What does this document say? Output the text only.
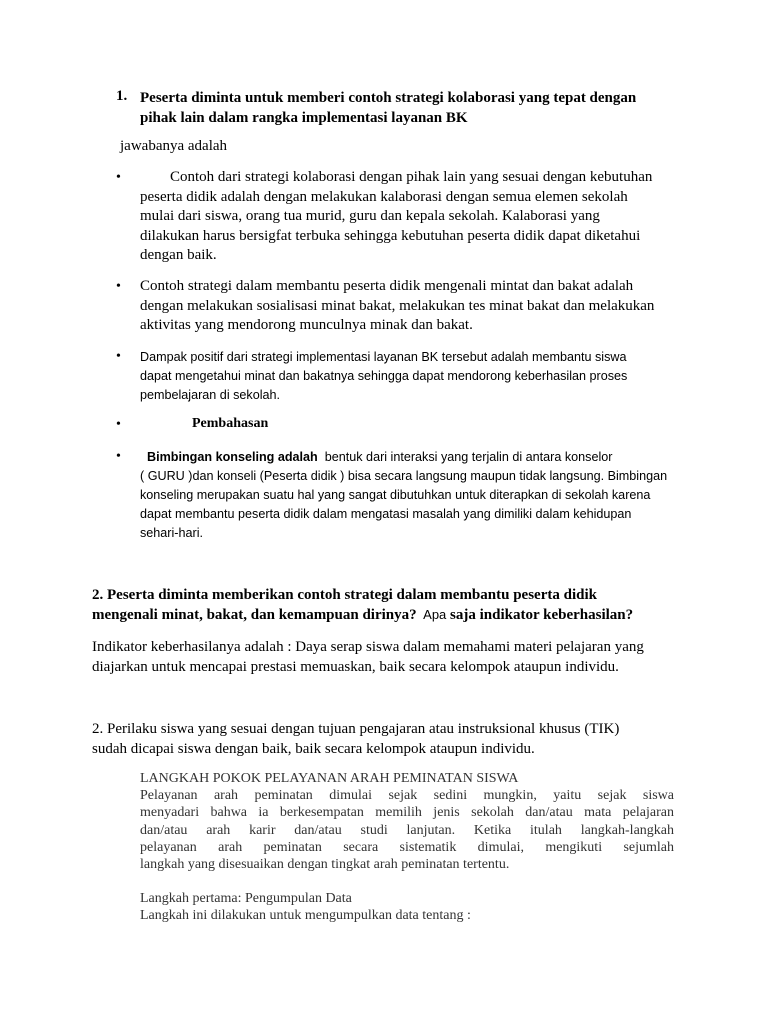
1. Peserta diminta untuk memberi contoh strategi kolaborasi yang tepat dengan
pihak lain dalam rangka implementasi layanan BK
jawabanya adalah
•	Contoh dari strategi kolaborasi dengan pihak lain yang sesuai dengan kebutuhan
peserta didik adalah dengan melakukan kalaborasi dengan semua elemen sekolah
mulai dari siswa, orang tua murid, guru dan kepala sekolah. Kalaborasi yang
dilakukan harus bersigfat terbuka sehingga kebutuhan peserta didik dapat diketahui
dengan baik.
• Contoh strategi dalam membantu peserta didik mengenali mintat dan bakat adalah
dengan melakukan sosialisasi minat bakat, melakukan tes minat bakat dan melakukan
aktivitas yang mendorong munculnya minak dan bakat.
• Dampak positif dari strategi implementasi layanan BK tersebut adalah membantu siswa
dapat mengetahui minat dan bakatnya sehingga dapat mendorong keberhasilan proses
pembelajaran di sekolah.
•	Pembahasan
•	Bimbingan konseling adalah  bentuk dari interaksi yang terjalin di antara konselor
( GURU )dan konseli (Peserta didik ) bisa secara langsung maupun tidak langsung. Bimbingan
konseling merupakan suatu hal yang sangat dibutuhkan untuk diterapkan di sekolah karena
dapat membantu peserta didik dalam mengatasi masalah yang dimiliki dalam kehidupan
sehari-hari.
2. Peserta diminta memberikan contoh strategi dalam membantu peserta didik
mengenali minat, bakat, dan kemampuan dirinya?  Apa saja indikator keberhasilan?
Indikator keberhasilanya adalah : Daya serap siswa dalam memahami materi pelajaran yang
diajarkan untuk mencapai prestasi memuaskan, baik secara kelompok ataupun individu.
2. Perilaku siswa yang sesuai dengan tujuan pengajaran atau instruksional khusus (TIK)
sudah dicapai siswa dengan baik, baik secara kelompok ataupun individu.
LANGKAH POKOK PELAYANAN ARAH PEMINATAN SISWA
Pelayanan arah peminatan dimulai sejak sedini mungkin, yaitu sejak siswa
menyadari bahwa ia berkesempatan memilih jenis sekolah dan/atau mata pelajaran
dan/atau arah karir dan/atau studi lanjutan. Ketika itulah langkah-langkah
pelayanan arah peminatan secara sistematik dimulai, mengikuti sejumlah
langkah yang disesuaikan dengan tingkat arah peminatan tertentu.
Langkah pertama: Pengumpulan Data
Langkah ini dilakukan untuk mengumpulkan data tentang :
